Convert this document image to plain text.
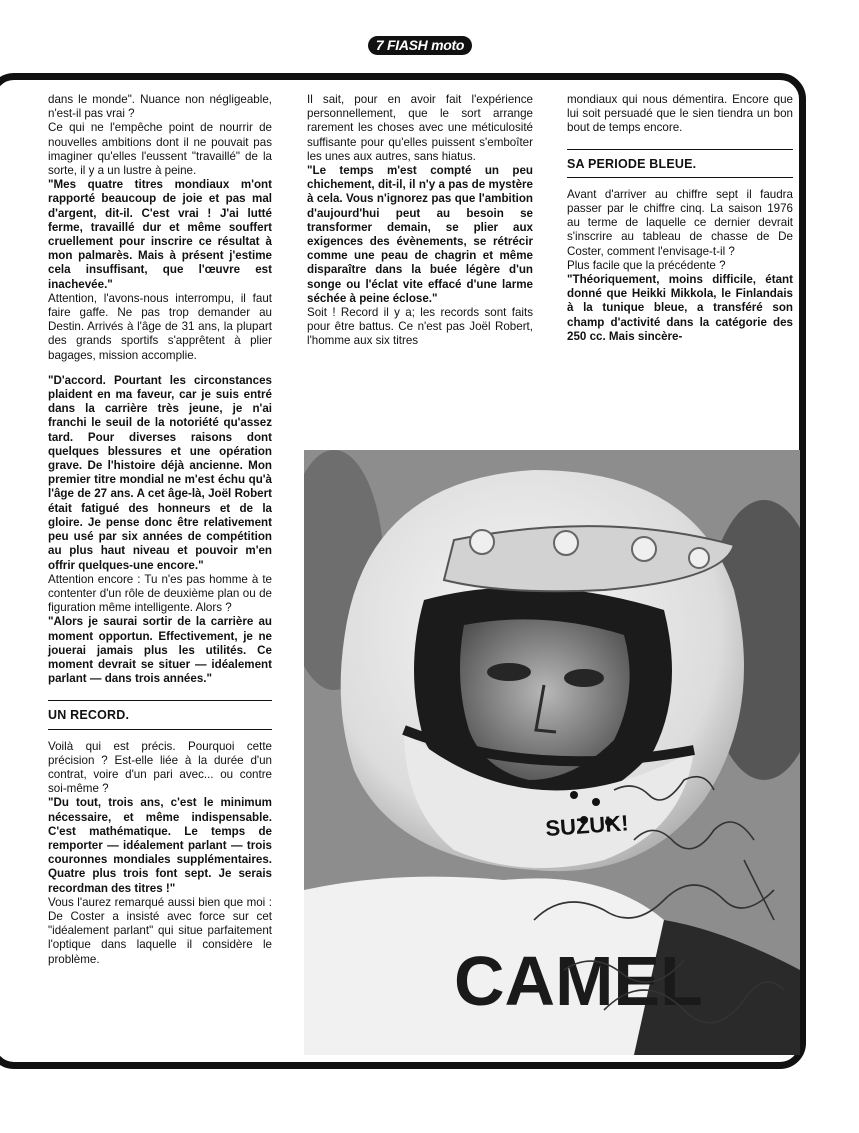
7 FIASH moto

dans le monde". Nuance non négligeable, n'est-il pas vrai ?

Ce qui ne l'empêche point de nourrir de nouvelles ambitions dont il ne pouvait pas imaginer qu'elles l'eussent "travaillé" de la sorte, il y a un lustre à peine.

"Mes quatre titres mondiaux m'ont rapporté beaucoup de joie et pas mal d'argent, dit-il. C'est vrai ! J'ai lutté ferme, travaillé dur et même souffert cruellement pour inscrire ce résultat à mon palmarès. Mais à présent j'estime cela insuffisant, que l'œuvre est inachevée."

Attention, l'avons-nous interrompu, il faut faire gaffe. Ne pas trop demander au Destin. Arrivés à l'âge de 31 ans, la plupart des grands sportifs s'apprêtent à plier bagages, mission accomplie.

"D'accord. Pourtant les circonstances plaident en ma faveur, car je suis entré dans la carrière très jeune, je n'ai franchi le seuil de la notoriété qu'assez tard. Pour diverses raisons dont quelques blessures et une opération grave. De l'histoire déjà ancienne. Mon premier titre mondial ne m'est échu qu'à l'âge de 27 ans. A cet âge-là, Joël Robert était fatigué des honneurs et de la gloire. Je pense donc être relativement peu usé par six années de compétition au plus haut niveau et pouvoir m'en offrir quelques-une encore."

Attention encore : Tu n'es pas homme à te contenter d'un rôle de deuxième plan ou de figuration même intelligente. Alors ?

"Alors je saurai sortir de la carrière au moment opportun. Effectivement, je ne jouerai jamais plus les utilités. Ce moment devrait se situer — idéalement parlant — dans trois années."

UN RECORD.

Voilà qui est précis. Pourquoi cette précision ? Est-elle liée à la durée d'un contrat, voire d'un pari avec... ou contre soi-même ?

"Du tout, trois ans, c'est le minimum nécessaire, et même indispensable. C'est mathématique. Le temps de remporter — idéalement parlant — trois couronnes mondiales supplémentaires. Quatre plus trois font sept. Je serais recordman des titres !"

Vous l'aurez remarqué aussi bien que moi : De Coster a insisté avec force sur cet "idéalement parlant" qui situe parfaitement l'optique dans laquelle il considère le problème.

Il sait, pour en avoir fait l'expérience personnellement, que le sort arrange rarement les choses avec une méticulosité suffisante pour qu'elles puissent s'emboîter les unes aux autres, sans hiatus.

"Le temps m'est compté un peu chichement, dit-il, il n'y a pas de mystère à cela. Vous n'ignorez pas que l'ambition d'aujourd'hui peut au besoin se transformer demain, se plier aux exigences des évènements, se rétrécir comme une peau de chagrin et même disparaître dans la buée légère d'un songe ou l'éclat vite effacé d'une larme séchée à peine éclose."

Soit ! Record il y a; les records sont faits pour être battus. Ce n'est pas Joël Robert, l'homme aux six titres

mondiaux qui nous démentira. Encore que lui soit persuadé que le sien tiendra un bon bout de temps encore.

SA PERIODE BLEUE.

Avant d'arriver au chiffre sept il faudra passer par le chiffre cinq. La saison 1976 au terme de laquelle ce dernier devrait s'inscrire au tableau de chasse de De Coster, comment l'envisage-t-il ?

Plus facile que la précédente ?

"Théoriquement, moins difficile, étant donné que Heikki Mikkola, le Finlandais à la tunique bleue, a transféré son champ d'activité dans la catégorie des 250 cc. Mais sincère-

SUZUK!
CAMEL
